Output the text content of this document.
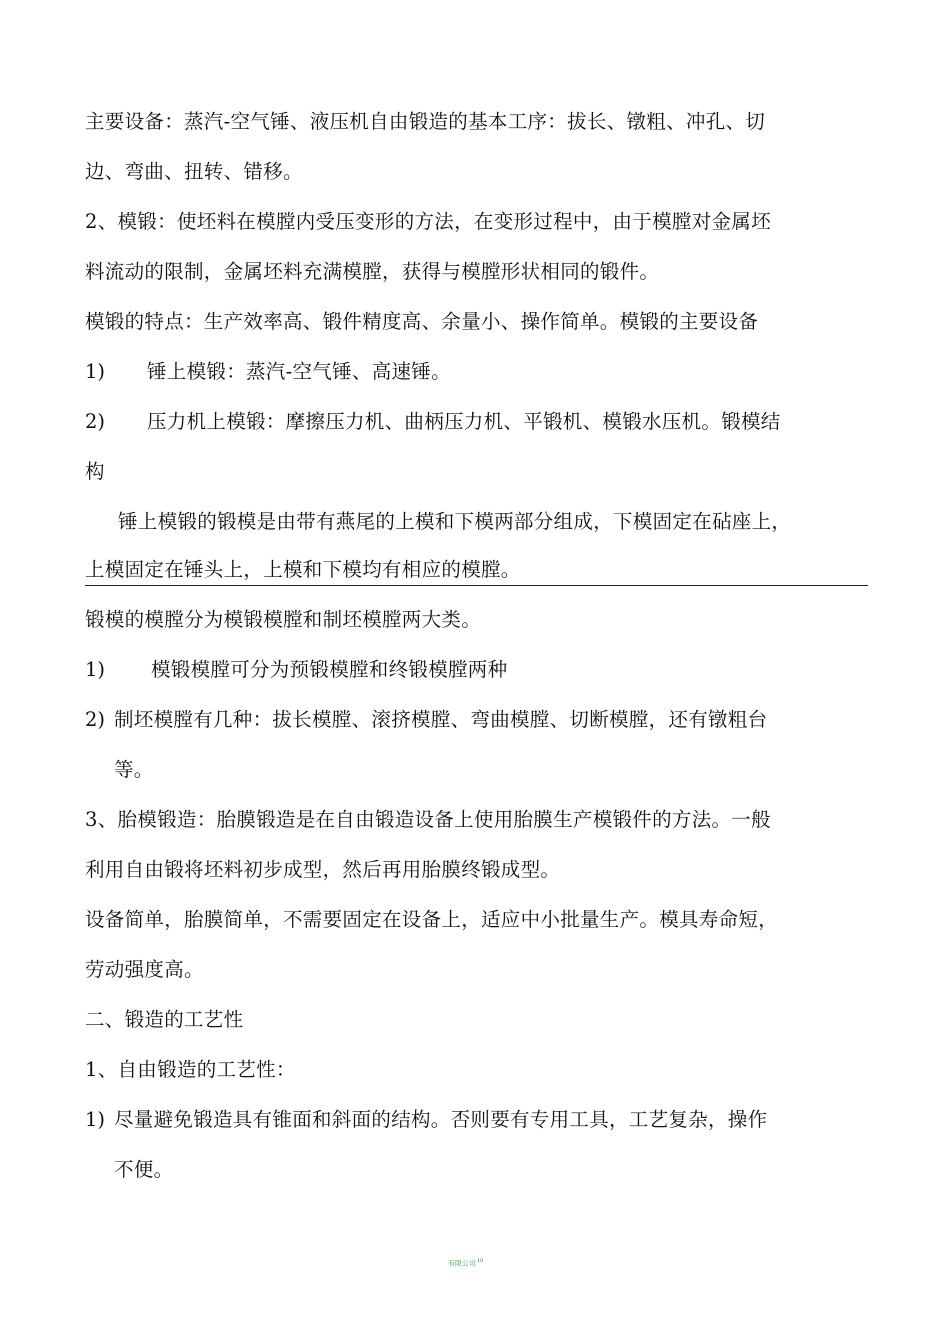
主要设备：蒸汽-空气锤、液压机自由锻造的基本工序：拔长、镦粗、冲孔、切
边、弯曲、扭转、错移。
2、模锻：使坯料在模膛内受压变形的方法，在变形过程中，由于模膛对金属坯
料流动的限制，金属坯料充满模膛，获得与模膛形状相同的锻件。
模锻的特点：生产效率高、锻件精度高、余量小、操作简单。模锻的主要设备
1) 锤上模锻：蒸汽-空气锤、高速锤。
2) 压力机上模锻：摩擦压力机、曲柄压力机、平锻机、模锻水压机。锻模结
构
锤上模锻的锻模是由带有燕尾的上模和下模两部分组成，下模固定在砧座上，
上模固定在锤头上，上模和下模均有相应的模膛。
锻模的模膛分为模锻模膛和制坯模膛两大类。
1) 模锻模膛可分为预锻模膛和终锻模膛两种
2) 制坯模膛有几种：拔长模膛、滚挤模膛、弯曲模膛、切断模膛，还有镦粗台
等。
3、胎模锻造：胎膜锻造是在自由锻造设备上使用胎膜生产模锻件的方法。一般
利用自由锻将坯料初步成型，然后再用胎膜终锻成型。
设备简单，胎膜简单，不需要固定在设备上，适应中小批量生产。模具寿命短，
劳动强度高。
二、锻造的工艺性
1、自由锻造的工艺性：
1) 尽量避免锻造具有锥面和斜面的结构。否则要有专用工具，工艺复杂，操作
不便。
有限公司$^{10}$
